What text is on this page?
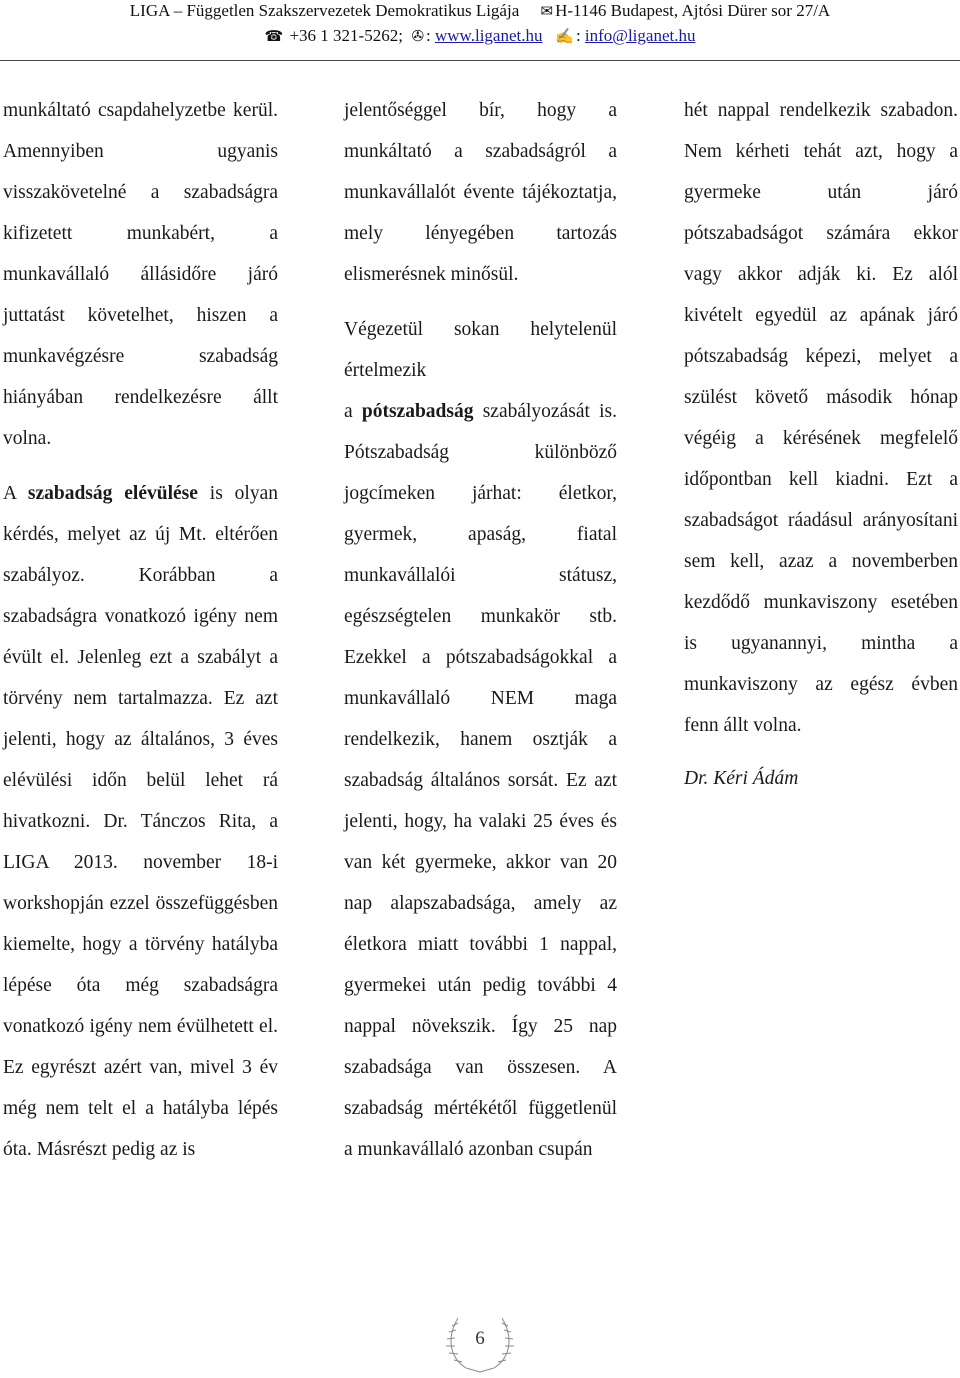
LIGA – Független Szakszervezetek Demokratikus Ligája ✉ H-1146 Budapest, Ajtósi Dürer sor 27/A
☎ +36 1 321-5262; ✇ : www.liganet.hu ✍ : info@liganet.hu

munkáltató csapdahelyzetbe kerül. Amennyiben ugyanis visszakövetelné a szabadságra kifizetett munkabért, a munkavállaló állásidőre járó juttatást követelhet, hiszen a munkavégzésre szabadság hiányában rendelkezésre állt volna.

A szabadság elévülése is olyan kérdés, melyet az új Mt. eltérően szabályoz. Korábban a szabadságra vonatkozó igény nem évült el. Jelenleg ezt a szabályt a törvény nem tartalmazza. Ez azt jelenti, hogy az általános, 3 éves elévülési időn belül lehet rá hivatkozni. Dr. Tánczos Rita, a LIGA 2013. november 18-i workshopján ezzel összefüggésben kiemelte, hogy a törvény hatályba lépése óta még szabadságra vonatkozó igény nem évülhetett el. Ez egyrészt azért van, mivel 3 év még nem telt el a hatályba lépés óta. Másrészt pedig az is

jelentőséggel bír, hogy a munkáltató a szabadságról a munkavállalót évente tájékoztatja, mely lényegében tartozás elismerésnek minősül.

Végezetül sokan helytelenül értelmezik

a pótszabadság szabályozását is. Pótszabadság különböző jogcímeken járhat: életkor, gyermek, apaság, fiatal munkavállalói státusz, egészségtelen munkakör stb. Ezekkel a pótszabadságokkal a munkavállaló NEM maga rendelkezik, hanem osztják a szabadság általános sorsát. Ez azt jelenti, hogy, ha valaki 25 éves és van két gyermeke, akkor van 20 nap alapszabadsága, amely az életkora miatt további 1 nappal, gyermekei után pedig további 4 nappal növekszik. Így 25 nap szabadsága van összesen. A szabadság mértékétől függetlenül a munkavállaló azonban csupán

hét nappal rendelkezik szabadon. Nem kérheti tehát azt, hogy a gyermeke után járó pótszabadságot számára ekkor vagy akkor adják ki. Ez alól kivételt egyedül az apának járó pótszabadság képezi, melyet a szülést követő második hónap végéig a kérésének megfelelő időpontban kell kiadni. Ezt a szabadságot ráadásul arányosítani sem kell, azaz a novemberben kezdődő munkaviszony esetében is ugyanannyi, mintha a munkaviszony az egész évben fenn állt volna.

Dr. Kéri Ádám

6
